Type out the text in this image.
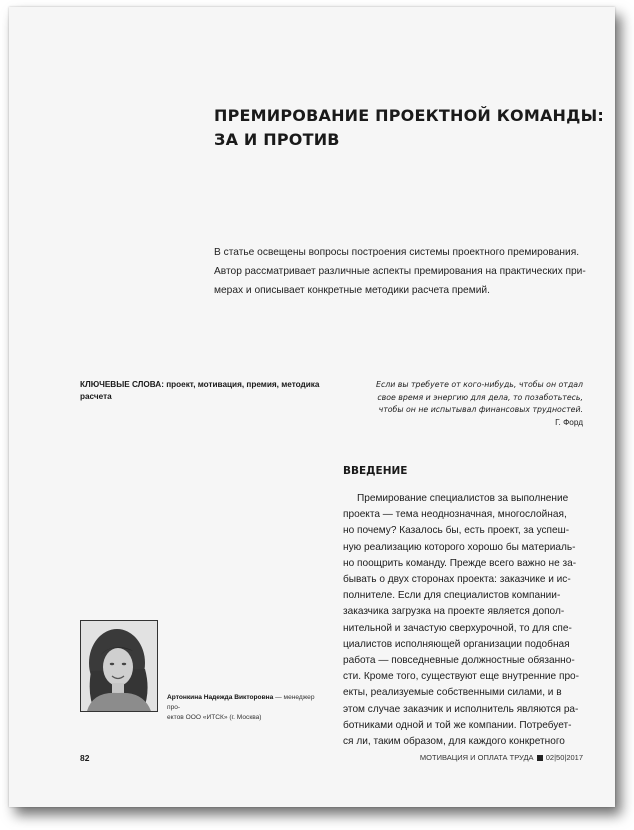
ПРЕМИРОВАНИЕ ПРОЕКТНОЙ КОМАНДЫ:
ЗА И ПРОТИВ
В статье освещены вопросы построения системы проектного премирования.
Автор рассматривает различные аспекты премирования на практических при-
мерах и описывает конкретные методики расчета премий.
КЛЮЧЕВЫЕ СЛОВА: проект, мотивация, премия, методика расчета
Если вы требуете от кого-нибудь, чтобы он отдал
свое время и энергию для дела, то позаботьтесь,
чтобы он не испытывал финансовых трудностей.
Г. Форд
ВВЕДЕНИЕ
Премирование специалистов за выполнение
проекта — тема неоднозначная, многослойная,
но почему? Казалось бы, есть проект, за успеш-
ную реализацию которого хорошо бы материаль-
но поощрить команду. Прежде всего важно не за-
бывать о двух сторонах проекта: заказчике и ис-
полнителе. Если для специалистов компании-
заказчика загрузка на проекте является допол-
нительной и зачастую сверхурочной, то для спе-
циалистов исполняющей организации подобная
работа — повседневные должностные обязанно-
сти. Кроме того, существуют еще внутренние про-
екты, реализуемые собственными силами, и в
этом случае заказчик и исполнитель являются ра-
ботниками одной и той же компании. Потребует-
ся ли, таким образом, для каждого конкретного
Артонкина Надежда Викторовна — менеджер про-
ектов ООО «ИТСК» (г. Москва)
82	МОТИВАЦИЯ И ОПЛАТА ТРУДА 02|50|2017
